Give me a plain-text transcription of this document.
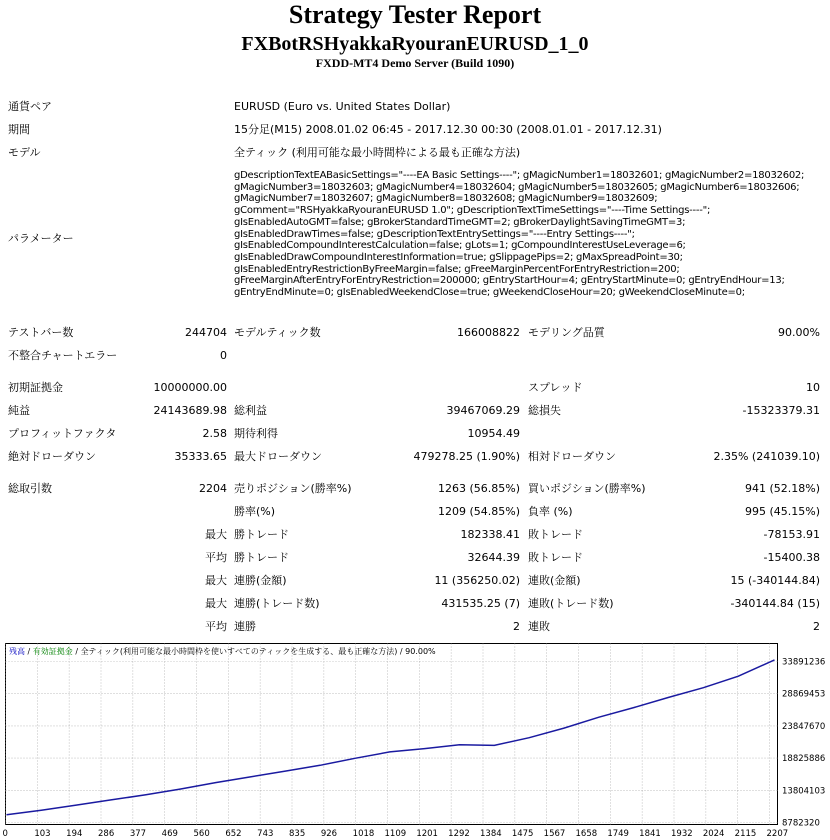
Strategy Tester Report
FXBotRSHyakkaRyouranEURUSD_1_0
FXDD-MT4 Demo Server (Build 1090)
通貨ペア	EURUSD (Euro vs. United States Dollar)
期間	15分足(M15) 2008.01.02 06:45 - 2017.12.30 00:30 (2008.01.01 - 2017.12.31)
モデル	全ティック (利用可能な最小時間枠による最も正確な方法)
パラメーター
gDescriptionTextEABasicSettings="----EA Basic Settings----"; gMagicNumber1=18032601; gMagicNumber2=18032602;
gMagicNumber3=18032603; gMagicNumber4=18032604; gMagicNumber5=18032605; gMagicNumber6=18032606;
gMagicNumber7=18032607; gMagicNumber8=18032608; gMagicNumber9=18032609;
gComment="RSHyakkaRyouranEURUSD 1.0"; gDescriptionTextTimeSettings="----Time Settings----";
gIsEnabledAutoGMT=false; gBrokerStandardTimeGMT=2; gBrokerDaylightSavingTimeGMT=3;
gIsEnabledDrawTimes=false; gDescriptionTextEntrySettings="----Entry Settings----";
gIsEnabledCompoundInterestCalculation=false; gLots=1; gCompoundInterestUseLeverage=6;
gIsEnabledDrawCompoundInterestInformation=true; gSlippagePips=2; gMaxSpreadPoint=30;
gIsEnabledEntryRestrictionByFreeMargin=false; gFreeMarginPercentForEntryRestriction=200;
gFreeMarginAfterEntryForEntryRestriction=200000; gEntryStartHour=4; gEntryStartMinute=0; gEntryEndHour=13;
gEntryEndMinute=0; gIsEnabledWeekendClose=true; gWeekendCloseHour=20; gWeekendCloseMinute=0;
テストバー数	244704 モデルティック数	166008822 モデリング品質	90.00%
不整合チャートエラー	0
初期証拠金	10000000.00	スプレッド	10
純益	24143689.98 総利益	39467069.29 総損失	-15323379.31
プロフィットファクタ	2.58 期待利得	10954.49
絶対ドローダウン	35333.65 最大ドローダウン	479278.25 (1.90%) 相対ドローダウン	2.35% (241039.10)
総取引数	2204 売りポジション(勝率%)	1263 (56.85%) 買いポジション(勝率%)	941 (52.18%)
勝率(%)	1209 (54.85%) 負率 (%)	995 (45.15%)
最大 勝トレード	182338.41 敗トレード	-78153.91
平均 勝トレード	32644.39 敗トレード	-15400.38
最大 連勝(金額)	11 (356250.02) 連敗(金額)	15 (-340144.84)
最大 連勝(トレード数)	431535.25 (7) 連敗(トレード数)	-340144.84 (15)
平均 連勝	2 連敗	2
残高 / 有効証拠金 / 全ティック(利用可能な最小時間枠を使いすべてのティックを生成する、最も正確な方法) / 90.00%
0	103 194 286 377 469 560 652 743 835 926 1018 1109 1201 1292 1384 1475 1567 1658 1749 1841 1932 2024 2115 2207
33891236
28869453
23847670
18825886
13804103
8782320
